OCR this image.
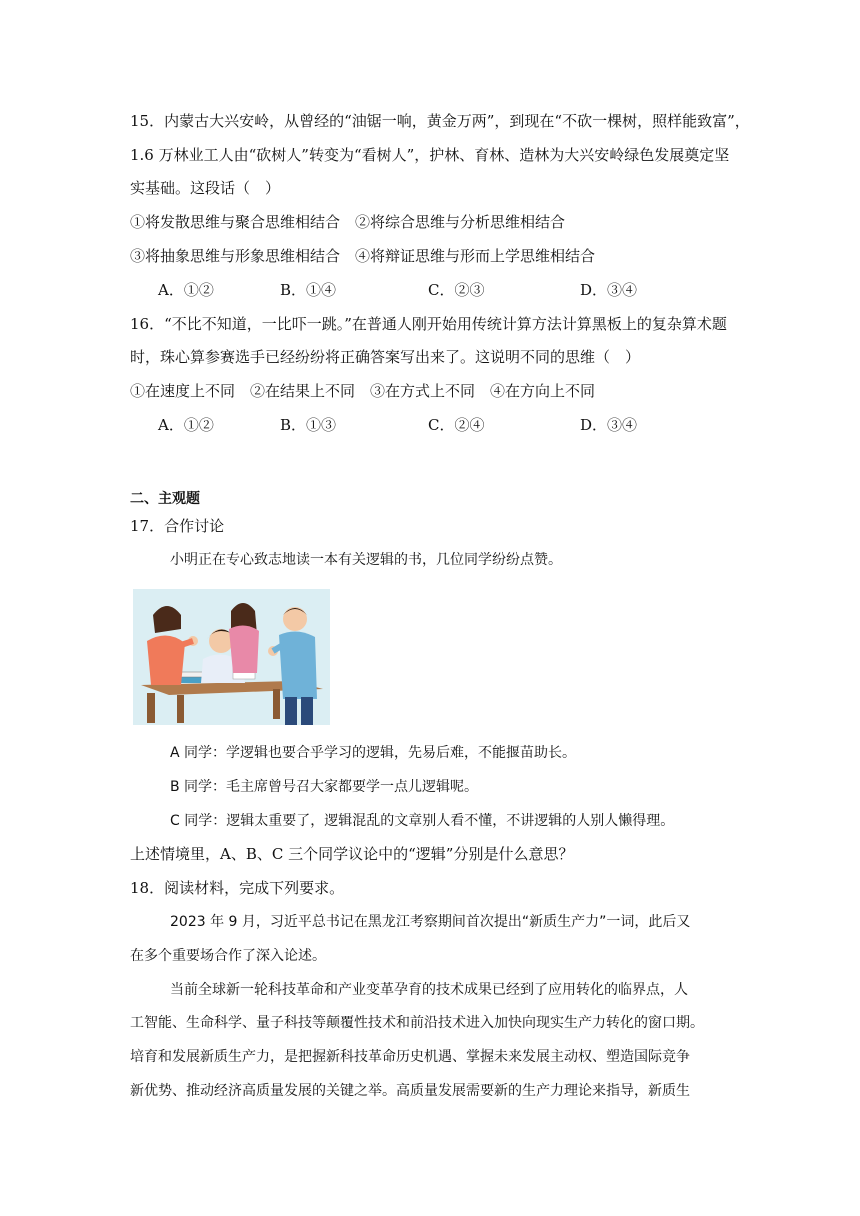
15．内蒙古大兴安岭，从曾经的“油锯一响，黄金万两”，到现在“不砍一棵树，照样能致富”，
1.6 万林业工人由“砍树人”转变为“看树人”，护林、育林、造林为大兴安岭绿色发展奠定坚
实基础。这段话（　）
①将发散思维与聚合思维相结合　②将综合思维与分析思维相结合
③将抽象思维与形象思维相结合　④将辩证思维与形而上学思维相结合
A．①②	B．①④	C．②③	D．③④
16．“不比不知道，一比吓一跳。”在普通人刚开始用传统计算方法计算黑板上的复杂算术题
时，珠心算参赛选手已经纷纷将正确答案写出来了。这说明不同的思维（　）
①在速度上不同　②在结果上不同　③在方式上不同　④在方向上不同
A．①②	B．①③	C．②④	D．③④
二、主观题
17．合作讨论
小明正在专心致志地读一本有关逻辑的书，几位同学纷纷点赞。
A 同学：学逻辑也要合乎学习的逻辑，先易后难，不能揠苗助长。
B 同学：毛主席曾号召大家都要学一点儿逻辑呢。
C 同学：逻辑太重要了，逻辑混乱的文章别人看不懂，不讲逻辑的人别人懒得理。
上述情境里，A、B、C 三个同学议论中的“逻辑”分别是什么意思？
18．阅读材料，完成下列要求。
2023 年 9 月，习近平总书记在黑龙江考察期间首次提出“新质生产力”一词，此后又
在多个重要场合作了深入论述。
当前全球新一轮科技革命和产业变革孕育的技术成果已经到了应用转化的临界点，人
工智能、生命科学、量子科技等颠覆性技术和前沿技术进入加快向现实生产力转化的窗口期。
培育和发展新质生产力，是把握新科技革命历史机遇、掌握未来发展主动权、塑造国际竞争
新优势、推动经济高质量发展的关键之举。高质量发展需要新的生产力理论来指导，新质生
